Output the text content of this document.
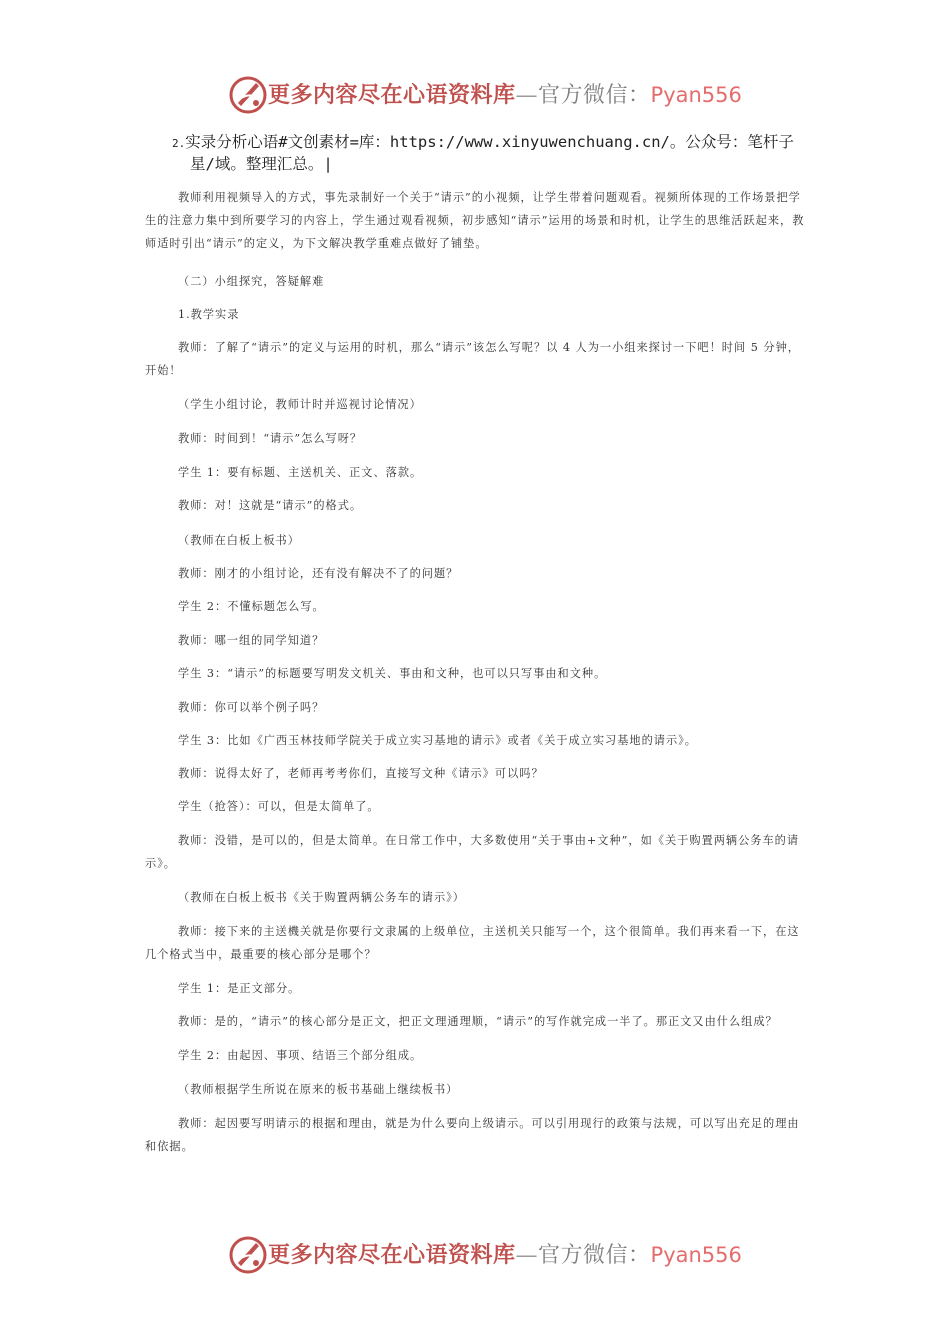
更多内容尽在心语资料库—官方微信：Pyan556
2.实录分析心语#文创素材=库：https://www.xinyuwenchuang.cn/。公众号：笔杆子
星/域。整理汇总。|

教师利用视频导入的方式，事先录制好一个关于“请示”的小视频，让学生带着问题观看。视频所体现的工作场景把学生的注意力集中到所要学习的内容上，学生通过观看视频，初步感知“请示”运用的场景和时机，让学生的思维活跃起来，教师适时引出“请示”的定义，为下文解决教学重难点做好了铺垫。

（二）小组探究，答疑解难

1.教学实录

教师：了解了“请示”的定义与运用的时机，那么“请示”该怎么写呢？以 4 人为一小组来探讨一下吧！时间 5 分钟，开始！

（学生小组讨论，教师计时并巡视讨论情况）

教师：时间到！“请示”怎么写呀？

学生 1：要有标题、主送机关、正文、落款。

教师：对！这就是“请示”的格式。

（教师在白板上板书）

教师：刚才的小组讨论，还有没有解决不了的问题？

学生 2：不懂标题怎么写。

教师：哪一组的同学知道？

学生 3：“请示”的标题要写明发文机关、事由和文种，也可以只写事由和文种。

教师：你可以举个例子吗？

学生 3：比如《广西玉林技师学院关于成立实习基地的请示》或者《关于成立实习基地的请示》。

教师：说得太好了，老师再考考你们，直接写文种《请示》可以吗？

学生（抢答）：可以，但是太简单了。

教师：没错，是可以的，但是太简单。在日常工作中，大多数使用“关于事由+文种”，如《关于购置两辆公务车的请示》。

（教师在白板上板书《关于购置两辆公务车的请示》）

教师：接下来的主送機关就是你要行文隶属的上级单位，主送机关只能写一个，这个很简单。我们再来看一下，在这几个格式当中，最重要的核心部分是哪个？

学生 1：是正文部分。

教师：是的，“请示”的核心部分是正文，把正文理通理顺，“请示”的写作就完成一半了。那正文又由什么组成？

学生 2：由起因、事项、结语三个部分组成。

（教师根据学生所说在原来的板书基础上继续板书）

教师：起因要写明请示的根据和理由，就是为什么要向上级请示。可以引用现行的政策与法规，可以写出充足的理由和依据。

更多内容尽在心语资料库—官方微信：Pyan556
